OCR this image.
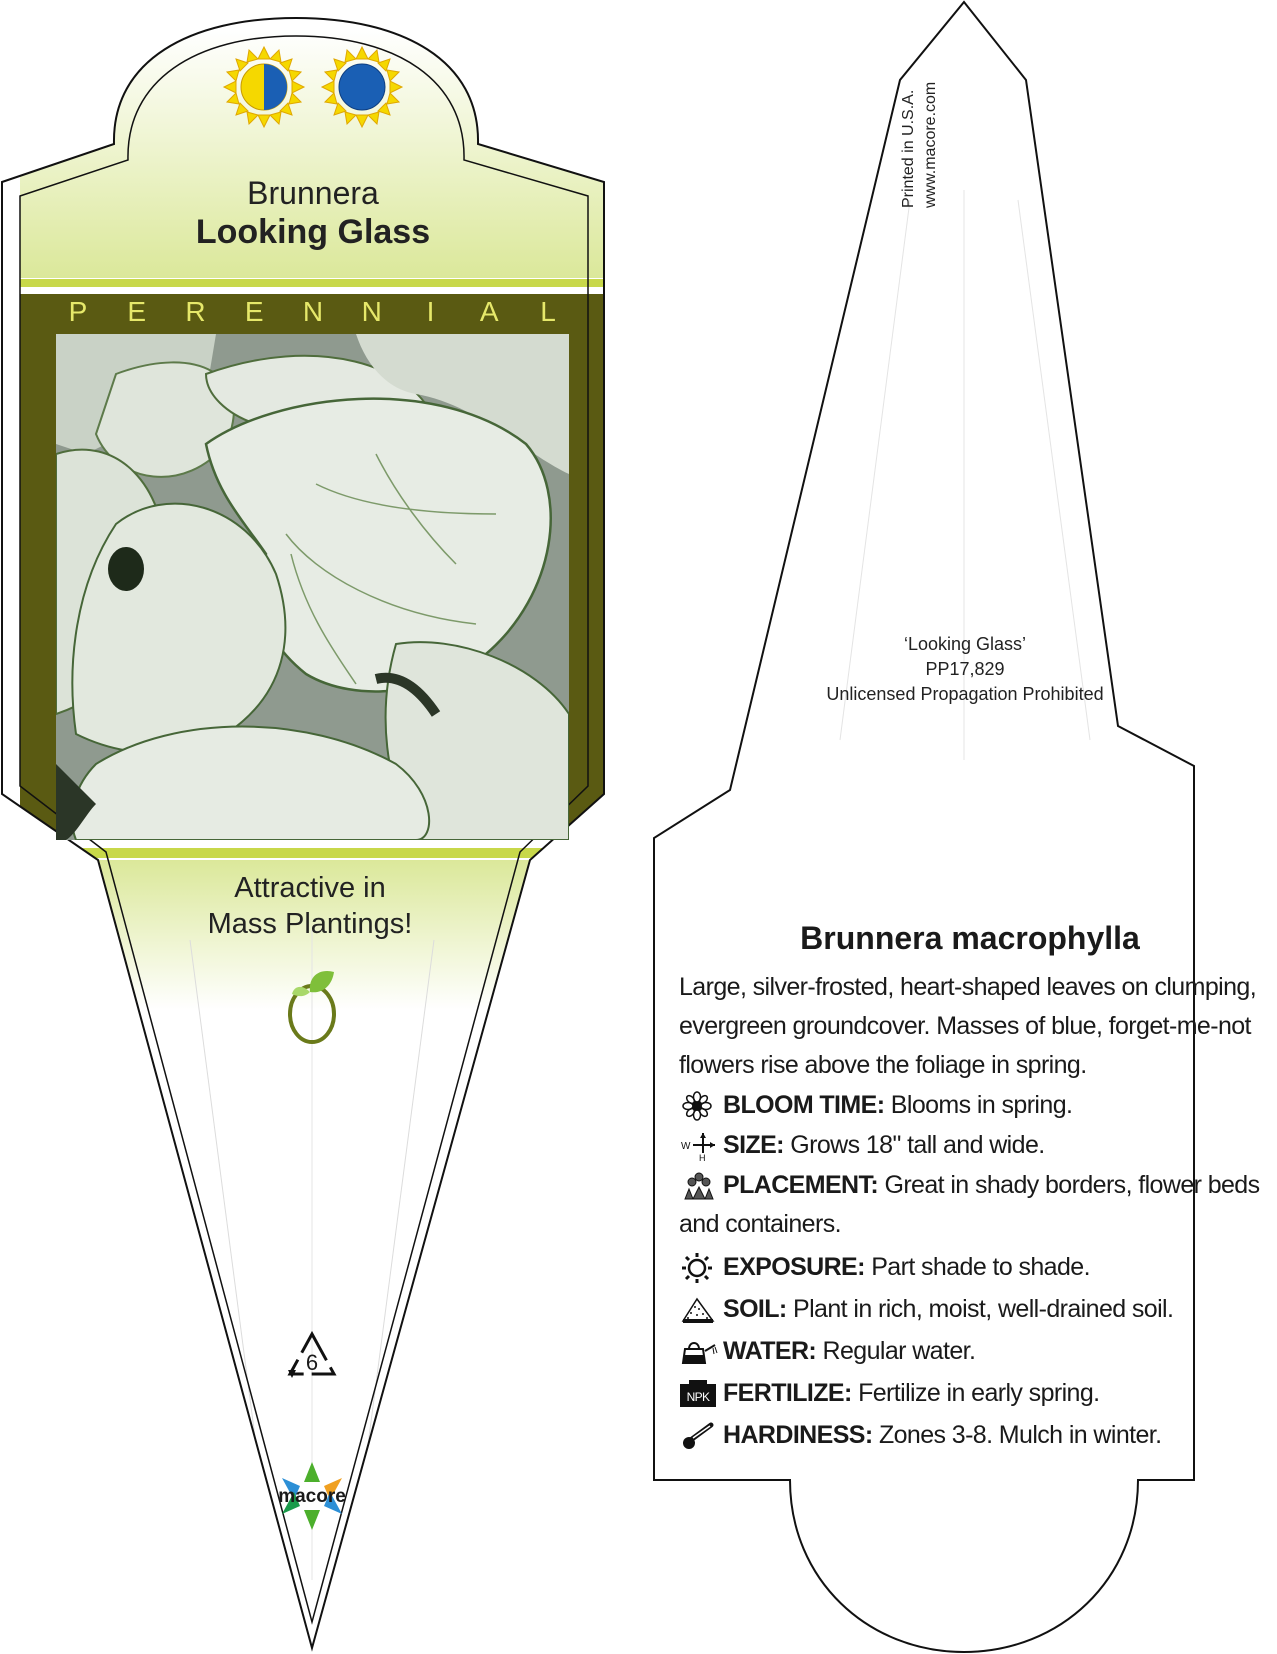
Brunnera
Looking Glass
P E R E N N	I	A L
Attractive in
Mass Plantings!
6
macore
Printed in U.S.A. www.macore.com
‘Looking Glass’
PP17,829
Unlicensed Propagation Prohibited
Brunnera macrophylla
Large, silver-frosted, heart-shaped leaves on clumping, evergreen groundcover. Masses of blue, forget-me-not flowers rise above the foliage in spring.
BLOOM TIME: Blooms in spring.
W
H SIZE: Grows 18" tall and wide.
PLACEMENT: Great in shady borders, flower beds and containers.
EXPOSURE: Part shade to shade.
SOIL: Plant in rich, moist, well-drained soil.
WATER: Regular water.
NPK FERTILIZE: Fertilize in early spring.
HARDINESS: Zones 3-8. Mulch in winter.
